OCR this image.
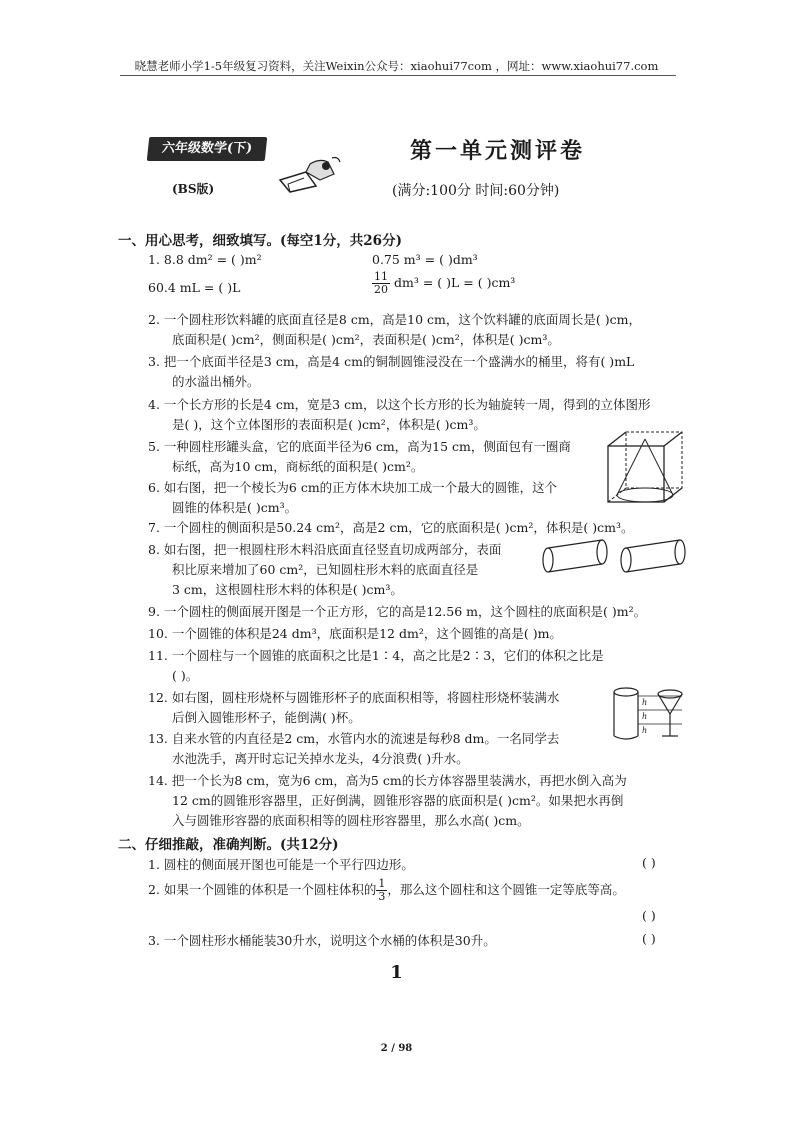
晓慧老师小学1-5年级复习资料，关注Weixin公众号：xiaohui77com ，网址：www.xiaohui77.com
六年级数学(下)
(BS版)
第一单元测评卷
(满分:100分 时间:60分钟)
一、用心思考，细致填写。(每空1分，共26分)
1. 8.8 dm² = ( )m²	0.75 m³ = ( )dm³
60.4 mL = ( )L	$\frac{11}{20} dm^3$ = ( )L = ( )cm³
2. 一个圆柱形饮料罐的底面直径是8 cm，高是10 cm，这个饮料罐的底面周长是( )cm，
底面积是( )cm²，侧面积是( )cm²，表面积是( )cm²，体积是( )cm³。
3. 把一个底面半径是3 cm，高是4 cm的铜制圆锥浸没在一个盛满水的桶里，将有( )mL
的水溢出桶外。
4. 一个长方形的长是4 cm，宽是3 cm，以这个长方形的长为轴旋转一周，得到的立体图形
是( )，这个立体图形的表面积是( )cm²，体积是( )cm³。
5. 一种圆柱形罐头盒，它的底面半径为6 cm，高为15 cm，侧面包有一圈商
标纸，高为10 cm，商标纸的面积是( )cm²。
6. 如右图，把一个棱长为6 cm的正方体木块加工成一个最大的圆锥，这个
圆锥的体积是( )cm³。
7. 一个圆柱的侧面积是50.24 cm²，高是2 cm，它的底面积是( )cm²，体积是( )cm³。
8. 如右图，把一根圆柱形木料沿底面直径竖直切成两部分，表面
积比原来增加了60 cm²，已知圆柱形木料的底面直径是
3 cm，这根圆柱形木料的体积是( )cm³。
9. 一个圆柱的侧面展开图是一个正方形，它的高是12.56 m，这个圆柱的底面积是( )m²。
10. 一个圆锥的体积是24 dm³，底面积是12 dm²，这个圆锥的高是( )m。
11. 一个圆柱与一个圆锥的底面积之比是1∶4，高之比是2∶3，它们的体积之比是
( )。
12. 如右图，圆柱形烧杯与圆锥形杯子的底面积相等，将圆柱形烧杯装满水
后倒入圆锥形杯子，能倒满( )杯。
h
h
h
13. 自来水管的内直径是2 cm，水管内水的流速是每秒8 dm。一名同学去
水池洗手，离开时忘记关掉水龙头，4分浪费( )升水。
14. 把一个长为8 cm，宽为6 cm，高为5 cm的长方体容器里装满水，再把水倒入高为
12 cm的圆锥形容器里，正好倒满，圆锥形容器的底面积是( )cm²。如果把水再倒
入与圆锥形容器的底面积相等的圆柱形容器里，那么水高( )cm。
二、仔细推敲，准确判断。(共12分)
1. 圆柱的侧面展开图也可能是一个平行四边形。	( )
2. 如果一个圆锥的体积是一个圆柱体积的 $\frac{1}{3}$ ，那么这个圆柱和这个圆锥一定等底等高。
( )
3. 一个圆柱形水桶能装30升水，说明这个水桶的体积是30升。	( )
1
2 / 98
